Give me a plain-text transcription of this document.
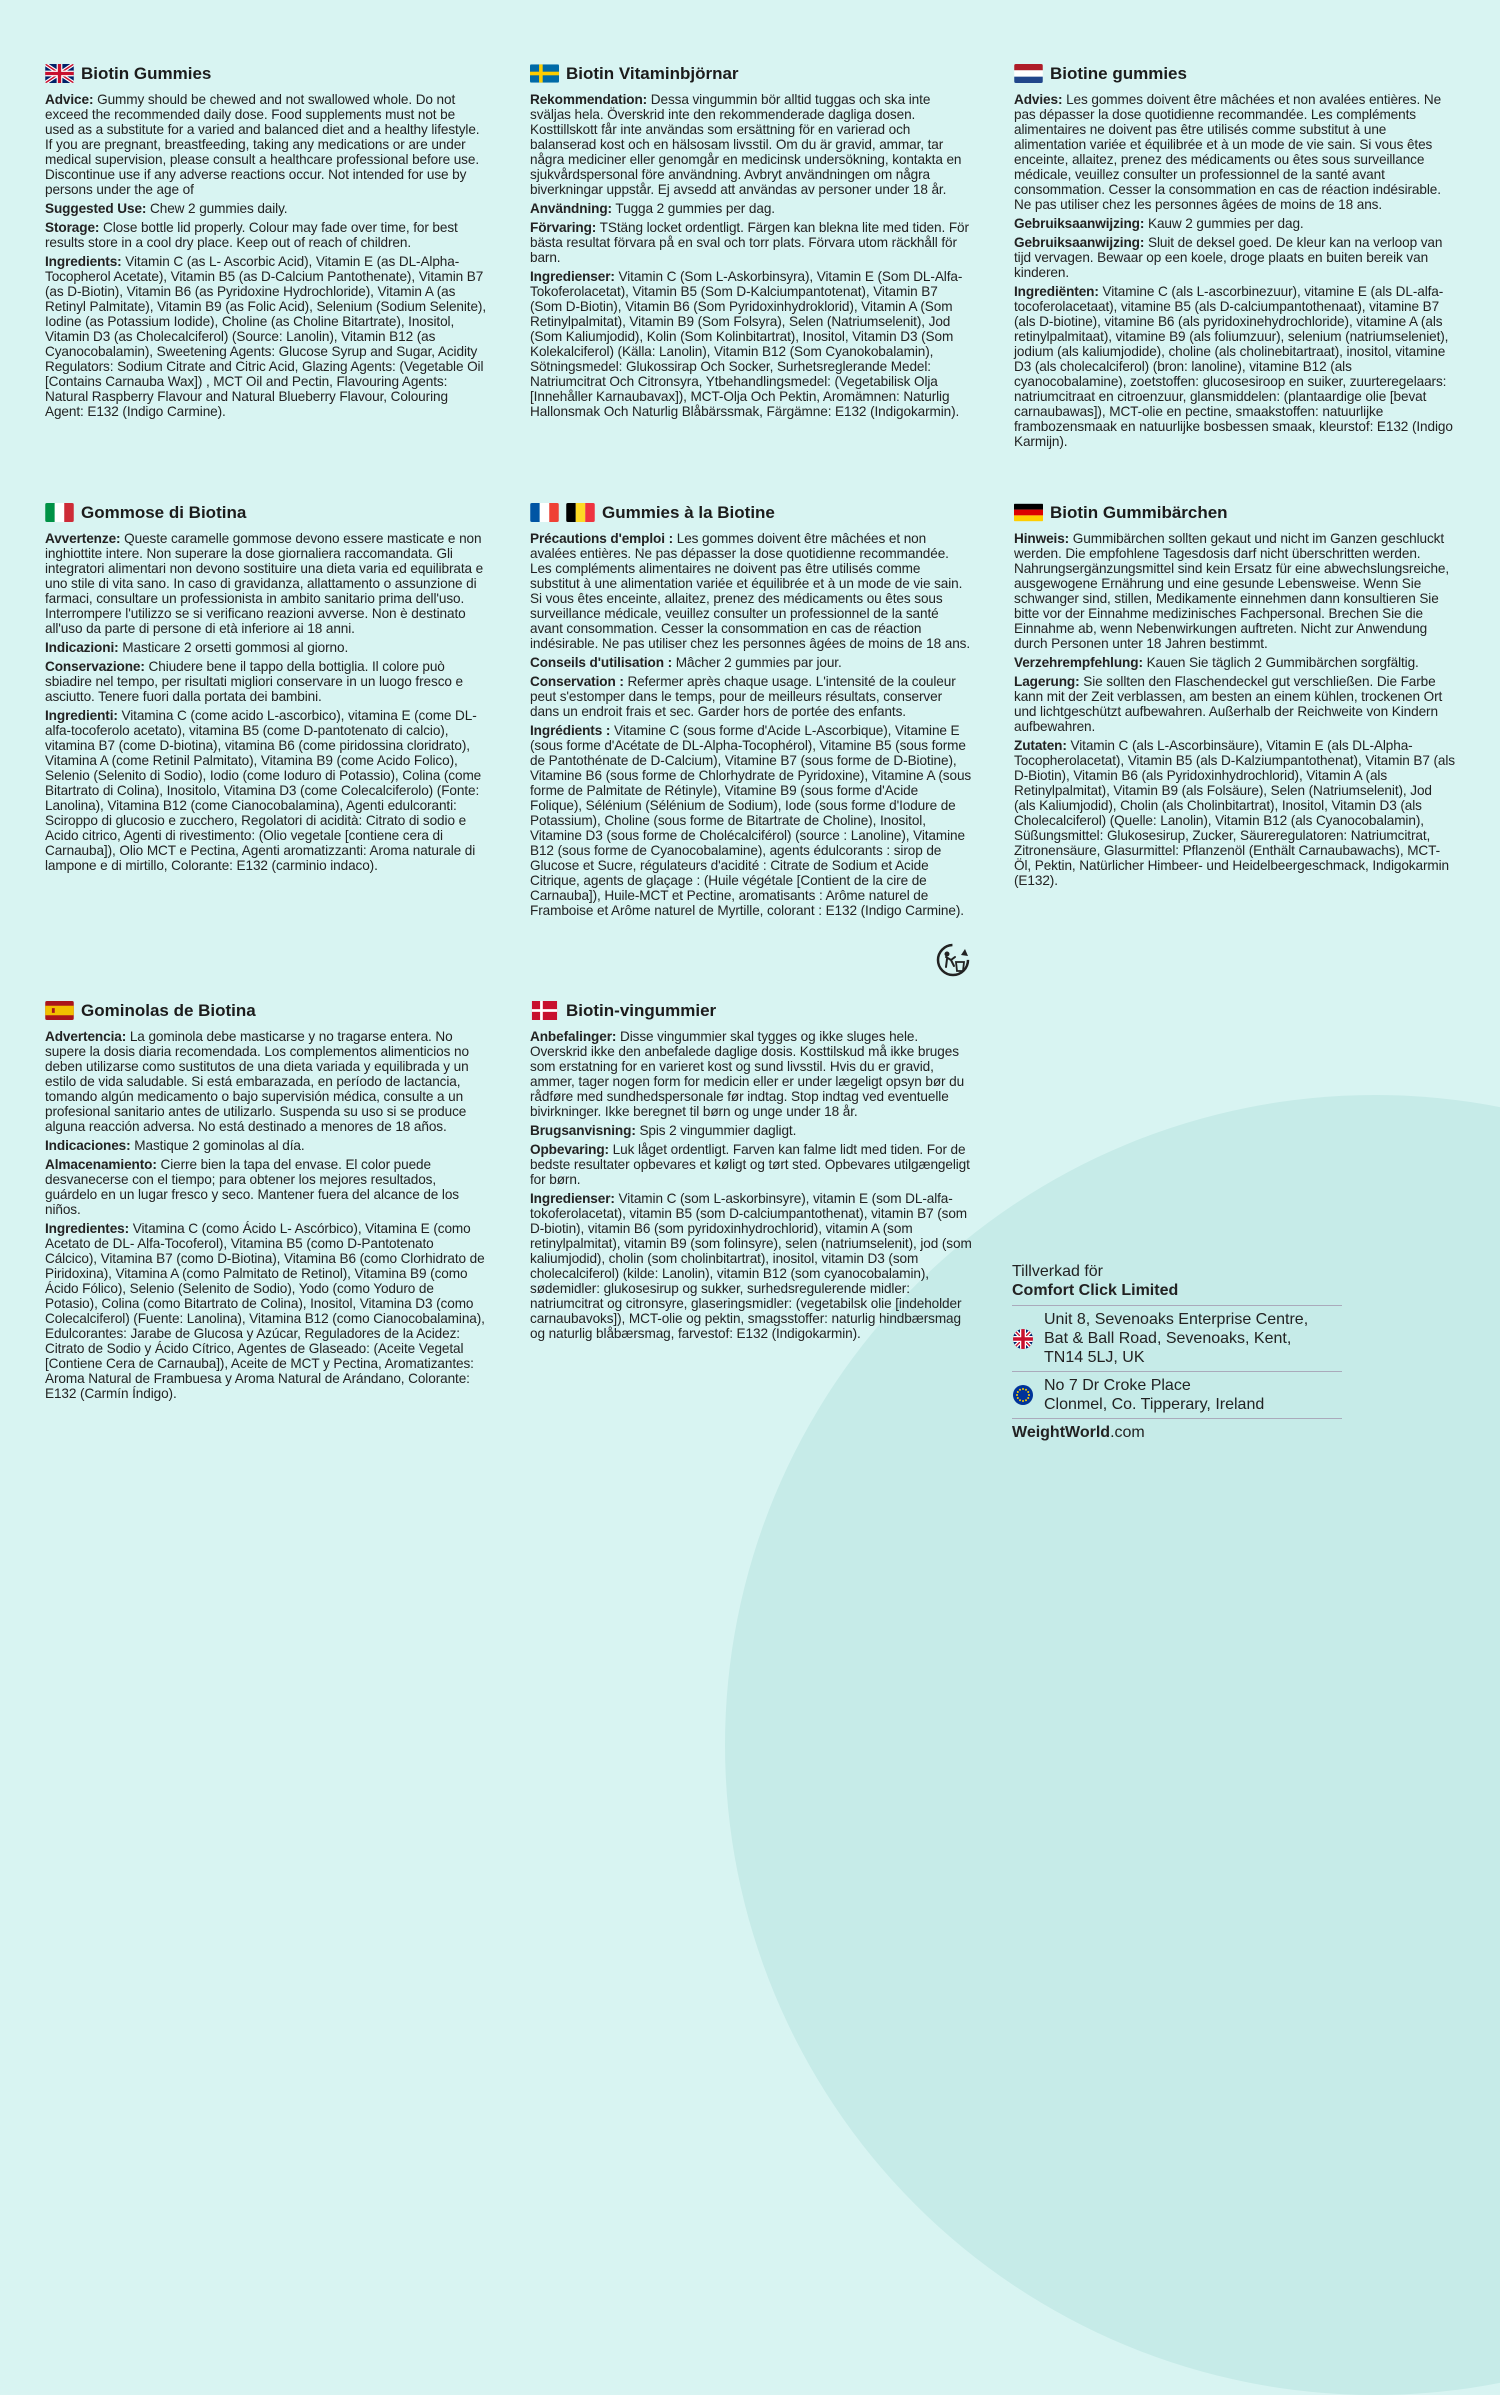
Biotin Gummies

Advice: Gummy should be chewed and not swallowed whole. Do not exceed the recommended daily dose. Food supplements must not be used as a substitute for a varied and balanced diet and a healthy lifestyle. If you are pregnant, breastfeeding, taking any medications or are under medical supervision, please consult a healthcare professional before use. Discontinue use if any adverse reactions occur. Not intended for use by persons under the age of

Suggested Use: Chew 2 gummies daily.

Storage: Close bottle lid properly. Colour may fade over time, for best results store in a cool dry place. Keep out of reach of children.

Ingredients: Vitamin C (as L- Ascorbic Acid), Vitamin E (as DL-Alpha-Tocopherol Acetate), Vitamin B5 (as D-Calcium Pantothenate), Vitamin B7 (as D-Biotin), Vitamin B6 (as Pyridoxine Hydrochloride), Vitamin A (as Retinyl Palmitate), Vitamin B9 (as Folic Acid), Selenium (Sodium Selenite), Iodine (as Potassium Iodide), Choline (as Choline Bitartrate), Inositol, Vitamin D3 (as Cholecalciferol) (Source: Lanolin), Vitamin B12 (as Cyanocobalamin), Sweetening Agents: Glucose Syrup and Sugar, Acidity Regulators: Sodium Citrate and Citric Acid, Glazing Agents: (Vegetable Oil [Contains Carnauba Wax]) , MCT Oil and Pectin, Flavouring Agents: Natural Raspberry Flavour and Natural Blueberry Flavour, Colouring Agent: E132 (Indigo Carmine).

Biotin Vitaminbjörnar

Rekommendation: Dessa vingummin bör alltid tuggas och ska inte sväljas hela. Överskrid inte den rekommenderade dagliga dosen. Kosttillskott får inte användas som ersättning för en varierad och balanserad kost och en hälsosam livsstil. Om du är gravid, ammar, tar några mediciner eller genomgår en medicinsk undersökning, kontakta en sjukvårdspersonal före användning. Avbryt användningen om några biverkningar uppstår. Ej avsedd att användas av personer under 18 år.

Användning: Tugga 2 gummies per dag.

Förvaring: TStäng locket ordentligt. Färgen kan blekna lite med tiden. För bästa resultat förvara på en sval och torr plats. Förvara utom räckhåll för barn.

Ingredienser: Vitamin C (Som L-Askorbinsyra), Vitamin E (Som DL-Alfa-Tokoferolacetat), Vitamin B5 (Som D-Kalciumpantotenat), Vitamin B7 (Som D-Biotin), Vitamin B6 (Som Pyridoxinhydroklorid), Vitamin A (Som Retinylpalmitat), Vitamin B9 (Som Folsyra), Selen (Natriumselenit), Jod (Som Kaliumjodid), Kolin (Som Kolinbitartrat), Inositol, Vitamin D3 (Som Kolekalciferol) (Källa: Lanolin), Vitamin B12 (Som Cyanokobalamin), Sötningsmedel: Glukossirap Och Socker, Surhetsreglerande Medel: Natriumcitrat Och Citronsyra, Ytbehandlingsmedel: (Vegetabilisk Olja [Innehåller Karnaubavax]), MCT-Olja Och Pektin, Aromämnen: Naturlig Hallonsmak Och Naturlig Blåbärssmak, Färgämne: E132 (Indigokarmin).

Biotine gummies

Advies: Les gommes doivent être mâchées et non avalées entières. Ne pas dépasser la dose quotidienne recommandée. Les compléments alimentaires ne doivent pas être utilisés comme substitut à une alimentation variée et équilibrée et à un mode de vie sain. Si vous êtes enceinte, allaitez, prenez des médicaments ou êtes sous surveillance médicale, veuillez consulter un professionnel de la santé avant consommation. Cesser la consommation en cas de réaction indésirable. Ne pas utiliser chez les personnes âgées de moins de 18 ans.

Gebruiksaanwijzing: Kauw 2 gummies per dag.

Gebruiksaanwijzing: Sluit de deksel goed. De kleur kan na verloop van tijd vervagen. Bewaar op een koele, droge plaats en buiten bereik van kinderen.

Ingrediënten: Vitamine C (als L-ascorbinezuur), vitamine E (als DL-alfa-tocoferolacetaat), vitamine B5 (als D-calciumpantothenaat), vitamine B7 (als D-biotine), vitamine B6 (als pyridoxinehydrochloride), vitamine A (als retinylpalmitaat), vitamine B9 (als foliumzuur), selenium (natriumseleniet), jodium (als kaliumjodide), choline (als cholinebitartraat), inositol, vitamine D3 (als cholecalciferol) (bron: lanoline), vitamine B12 (als cyanocobalamine), zoetstoffen: glucosesiroop en suiker, zuurteregelaars: natriumcitraat en citroenzuur, glansmiddelen: (plantaardige olie [bevat carnaubawas]), MCT-olie en pectine, smaakstoffen: natuurlijke frambozensmaak en natuurlijke bosbessen smaak, kleurstof: E132 (Indigo Karmijn).

Gommose di Biotina

Avvertenze: Queste caramelle gommose devono essere masticate e non inghiottite intere. Non superare la dose giornaliera raccomandata. Gli integratori alimentari non devono sostituire una dieta varia ed equilibrata e uno stile di vita sano. In caso di gravidanza, allattamento o assunzione di farmaci, consultare un professionista in ambito sanitario prima dell'uso. Interrompere l'utilizzo se si verificano reazioni avverse. Non è destinato all'uso da parte di persone di età inferiore ai 18 anni.

Indicazioni: Masticare 2 orsetti gommosi al giorno.

Conservazione: Chiudere bene il tappo della bottiglia. Il colore può sbiadire nel tempo, per risultati migliori conservare in un luogo fresco e asciutto. Tenere fuori dalla portata dei bambini.

Ingredienti: Vitamina C (come acido L-ascorbico), vitamina E (come DL-alfa-tocoferolo acetato), vitamina B5 (come D-pantotenato di calcio), vitamina B7 (come D-biotina), vitamina B6 (come piridossina cloridrato), Vitamina A (come Retinil Palmitato), Vitamina B9 (come Acido Folico), Selenio (Selenito di Sodio), Iodio (come Ioduro di Potassio), Colina (come Bitartrato di Colina), Inositolo, Vitamina D3 (come Colecalciferolo) (Fonte: Lanolina), Vitamina B12 (come Cianocobalamina), Agenti edulcoranti: Sciroppo di glucosio e zucchero, Regolatori di acidità: Citrato di sodio e Acido citrico, Agenti di rivestimento: (Olio vegetale [contiene cera di Carnauba]), Olio MCT e Pectina, Agenti aromatizzanti: Aroma naturale di lampone e di mirtillo, Colorante: E132 (carminio indaco).

Gummies à la Biotine

Précautions d'emploi : Les gommes doivent être mâchées et non avalées entières. Ne pas dépasser la dose quotidienne recommandée. Les compléments alimentaires ne doivent pas être utilisés comme substitut à une alimentation variée et équilibrée et à un mode de vie sain. Si vous êtes enceinte, allaitez, prenez des médicaments ou êtes sous surveillance médicale, veuillez consulter un professionnel de la santé avant consommation. Cesser la consommation en cas de réaction indésirable. Ne pas utiliser chez les personnes âgées de moins de 18 ans.

Conseils d'utilisation : Mâcher 2 gummies par jour.

Conservation : Refermer après chaque usage. L'intensité de la couleur peut s'estomper dans le temps, pour de meilleurs résultats, conserver dans un endroit frais et sec. Garder hors de portée des enfants.

Ingrédients : Vitamine C (sous forme d'Acide L-Ascorbique), Vitamine E (sous forme d'Acétate de DL-Alpha-Tocophérol), Vitamine B5 (sous forme de Pantothénate de D-Calcium), Vitamine B7 (sous forme de D-Biotine), Vitamine B6 (sous forme de Chlorhydrate de Pyridoxine), Vitamine A (sous forme de Palmitate de Rétinyle), Vitamine B9 (sous forme d'Acide Folique), Sélénium (Sélénium de Sodium), Iode (sous forme d'Iodure de Potassium), Choline (sous forme de Bitartrate de Choline), Inositol, Vitamine D3 (sous forme de Cholécalciférol) (source : Lanoline), Vitamine B12 (sous forme de Cyanocobalamine), agents édulcorants : sirop de Glucose et Sucre, régulateurs d'acidité : Citrate de Sodium et Acide Citrique, agents de glaçage : (Huile végétale [Contient de la cire de Carnauba]), Huile-MCT et Pectine, aromatisants : Arôme naturel de Framboise et Arôme naturel de Myrtille, colorant : E132 (Indigo Carmine).

Biotin Gummibärchen

Hinweis: Gummibärchen sollten gekaut und nicht im Ganzen geschluckt werden. Die empfohlene Tagesdosis darf nicht überschritten werden. Nahrungsergänzungsmittel sind kein Ersatz für eine abwechslungsreiche, ausgewogene Ernährung und eine gesunde Lebensweise. Wenn Sie schwanger sind, stillen, Medikamente einnehmen dann konsultieren Sie bitte vor der Einnahme medizinisches Fachpersonal. Brechen Sie die Einnahme ab, wenn Nebenwirkungen auftreten. Nicht zur Anwendung durch Personen unter 18 Jahren bestimmt.

Verzehrempfehlung: Kauen Sie täglich 2 Gummibärchen sorgfältig.

Lagerung: Sie sollten den Flaschendeckel gut verschließen. Die Farbe kann mit der Zeit verblassen, am besten an einem kühlen, trockenen Ort und lichtgeschützt aufbewahren. Außerhalb der Reichweite von Kindern aufbewahren.

Zutaten: Vitamin C (als L-Ascorbinsäure), Vitamin E (als DL-Alpha-Tocopherolacetat), Vitamin B5 (als D-Kalziumpantothenat), Vitamin B7 (als D-Biotin), Vitamin B6 (als Pyridoxinhydrochlorid), Vitamin A (als Retinylpalmitat), Vitamin B9 (als Folsäure), Selen (Natriumselenit), Jod (als Kaliumjodid), Cholin (als Cholinbitartrat), Inositol, Vitamin D3 (als Cholecalciferol) (Quelle: Lanolin), Vitamin B12 (als Cyanocobalamin), Süßungsmittel: Glukosesirup, Zucker, Säureregulatoren: Natriumcitrat, Zitronensäure, Glasurmittel: Pflanzenöl (Enthält Carnaubawachs), MCT-Öl, Pektin, Natürlicher Himbeer- und Heidelbeergeschmack, Indigokarmin (E132).

Gominolas de Biotina

Advertencia: La gominola debe masticarse y no tragarse entera. No supere la dosis diaria recomendada. Los complementos alimenticios no deben utilizarse como sustitutos de una dieta variada y equilibrada y un estilo de vida saludable. Si está embarazada, en período de lactancia, tomando algún medicamento o bajo supervisión médica, consulte a un profesional sanitario antes de utilizarlo. Suspenda su uso si se produce alguna reacción adversa. No está destinado a menores de 18 años.

Indicaciones: Mastique 2 gominolas al día.

Almacenamiento: Cierre bien la tapa del envase. El color puede desvanecerse con el tiempo; para obtener los mejores resultados, guárdelo en un lugar fresco y seco. Mantener fuera del alcance de los niños.

Ingredientes: Vitamina C (como Ácido L- Ascórbico), Vitamina E (como Acetato de DL- Alfa-Tocoferol), Vitamina B5 (como D-Pantotenato Cálcico), Vitamina B7 (como D-Biotina), Vitamina B6 (como Clorhidrato de Piridoxina), Vitamina A (como Palmitato de Retinol), Vitamina B9 (como Ácido Fólico), Selenio (Selenito de Sodio), Yodo (como Yoduro de Potasio), Colina (como Bitartrato de Colina), Inositol, Vitamina D3 (como Colecalciferol) (Fuente: Lanolina), Vitamina B12 (como Cianocobalamina), Edulcorantes: Jarabe de Glucosa y Azúcar, Reguladores de la Acidez: Citrato de Sodio y Ácido Cítrico, Agentes de Glaseado: (Aceite Vegetal [Contiene Cera de Carnauba]), Aceite de MCT y Pectina, Aromatizantes: Aroma Natural de Frambuesa y Aroma Natural de Arándano, Colorante: E132 (Carmín Índigo).

Biotin-vingummier

Anbefalinger: Disse vingummier skal tygges og ikke sluges hele. Overskrid ikke den anbefalede daglige dosis. Kosttilskud må ikke bruges som erstatning for en varieret kost og sund livsstil. Hvis du er gravid, ammer, tager nogen form for medicin eller er under lægeligt opsyn bør du rådføre med sundhedspersonale før indtag. Stop indtag ved eventuelle bivirkninger. Ikke beregnet til børn og unge under 18 år.

Brugsanvisning: Spis 2 vingummier dagligt.

Opbevaring: Luk låget ordentligt. Farven kan falme lidt med tiden. For de bedste resultater opbevares et køligt og tørt sted. Opbevares utilgængeligt for børn.

Ingredienser: Vitamin C (som L-askorbinsyre), vitamin E (som DL-alfa-tokoferolacetat), vitamin B5 (som D-calciumpantothenat), vitamin B7 (som D-biotin), vitamin B6 (som pyridoxinhydrochlorid), vitamin A (som retinylpalmitat), vitamin B9 (som folinsyre), selen (natriumselenit), jod (som kaliumjodid), cholin (som cholinbitartrat), inositol, vitamin D3 (som cholecalciferol) (kilde: Lanolin), vitamin B12 (som cyanocobalamin), sødemidler: glukosesirup og sukker, surhedsregulerende midler: natriumcitrat og citronsyre, glaseringsmidler: (vegetabilsk olie [indeholder carnaubavoks]), MCT-olie og pektin, smagsstoffer: naturlig hindbærsmag og naturlig blåbærsmag, farvestof: E132 (Indigokarmin).

Tillverkad för
Comfort Click Limited
Unit 8, Sevenoaks Enterprise Centre,
Bat & Ball Road, Sevenoaks, Kent,
TN14 5LJ, UK
No 7 Dr Croke Place
Clonmel, Co. Tipperary, Ireland
WeightWorld.com
